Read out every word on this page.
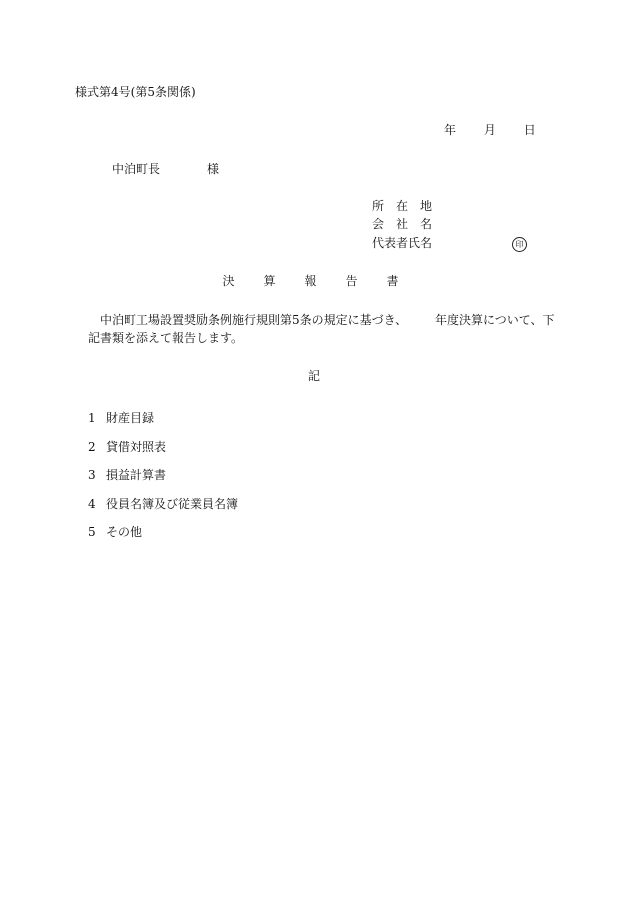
様式第4号(第5条関係)
年 月 日
中泊町長	様
所　在　地
会　社　名
代表者氏名	印
決 算 報 告 書
中泊町工場設置奨励条例施行規則第5条の規定に基づき、 年度決算について、下
記書類を添えて報告します。
記
1 財産目録
2 貸借対照表
3 損益計算書
4 役員名簿及び従業員名簿
5 その他
